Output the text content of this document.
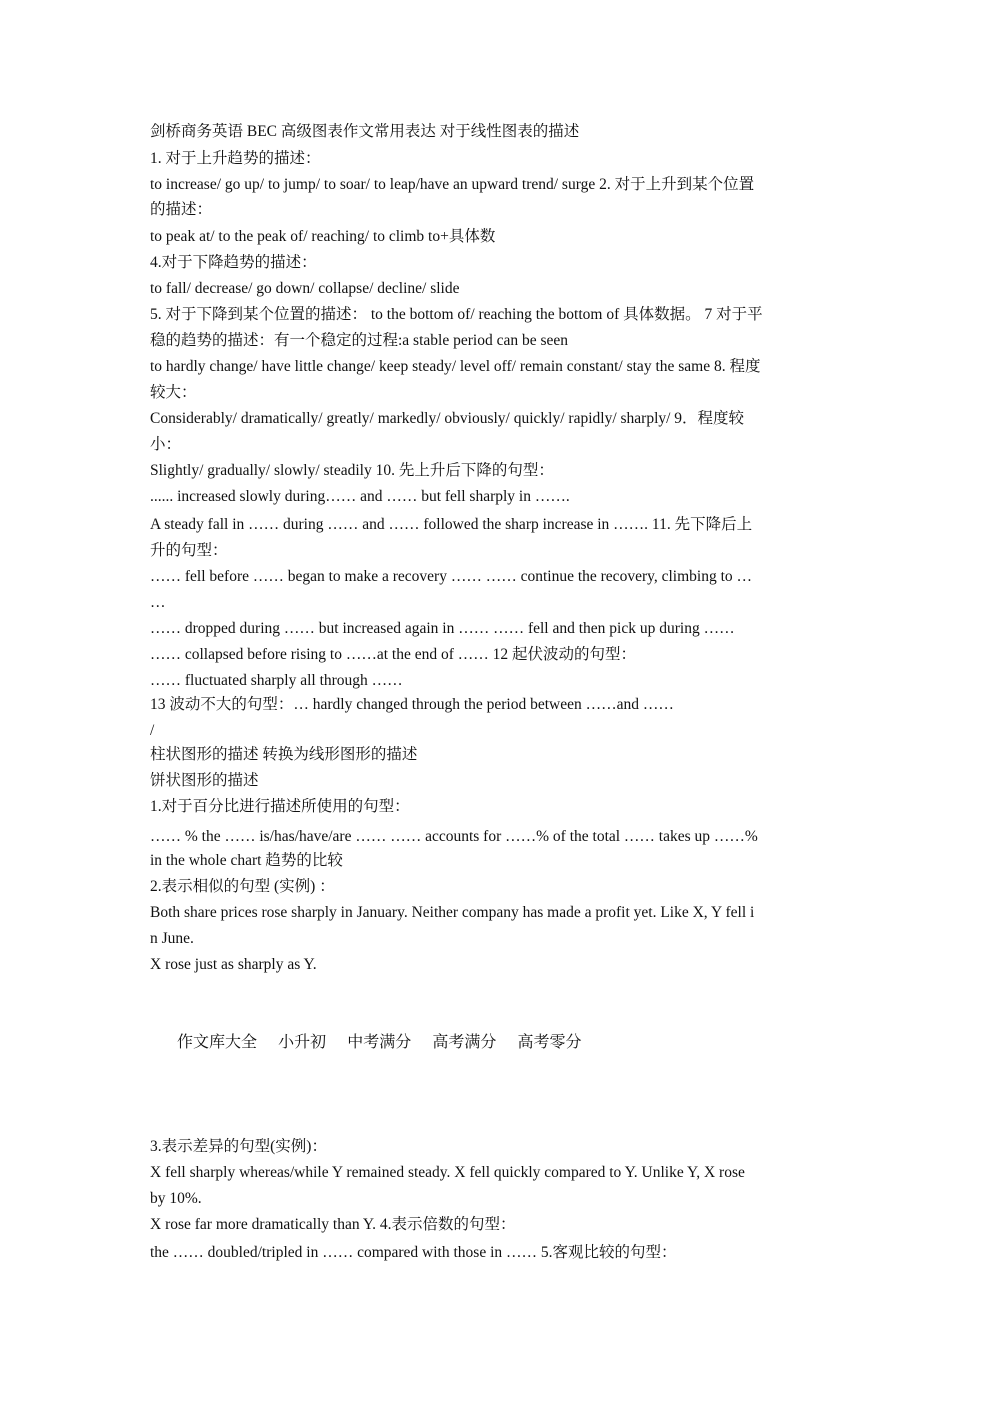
剑桥商务英语 BEC 高级图表作文常用表达 对于线性图表的描述
1. 对于上升趋势的描述：
to increase/ go up/ to jump/ to soar/ to leap/have an upward trend/ surge 2. 对于上升到某个位置
的描述：
to peak at/ to the peak of/ reaching/ to climb to+具体数
4.对于下降趋势的描述：
to fall/ decrease/ go down/ collapse/ decline/ slide
5. 对于下降到某个位置的描述： to the bottom of/ reaching the bottom of 具体数据。 7 对于平
稳的趋势的描述：有一个稳定的过程:a stable period can be seen
to hardly change/ have little change/ keep steady/ level off/ remain constant/ stay the same 8. 程度
较大：
Considerably/ dramatically/ greatly/ markedly/ obviously/ quickly/ rapidly/ sharply/ 9．程度较
小：
Slightly/ gradually/ slowly/ steadily 10. 先上升后下降的句型：
...... increased slowly during…… and …… but fell sharply in …….
A steady fall in …… during …… and …… followed the sharp increase in ……. 11. 先下降后上
升的句型：
…… fell before …… began to make a recovery …… …… continue the recovery, climbing to …
…
…… dropped during …… but increased again in …… …… fell and then pick up during ……
…… collapsed before rising to ……at the end of …… 12 起伏波动的句型：
…… fluctuated sharply all through ……
13 波动不大的句型：… hardly changed through the period between ……and ……
/
柱状图形的描述 转换为线形图形的描述
饼状图形的描述
1.对于百分比进行描述所使用的句型：
…… % the …… is/has/have/are …… …… accounts for ……% of the total …… takes up ……%
in the whole chart 趋势的比较
2.表示相似的句型 (实例) ：
Both share prices rose sharply in January. Neither company has made a profit yet. Like X, Y fell i
n June.
X rose just as sharply as Y.
作文库大全 小升初 中考满分 高考满分 高考零分
3.表示差异的句型(实例)：
X fell sharply whereas/while Y remained steady. X fell quickly compared to Y. Unlike Y, X rose
by 10%.
X rose far more dramatically than Y. 4.表示倍数的句型：
the …… doubled/tripled in …… compared with those in …… 5.客观比较的句型：
